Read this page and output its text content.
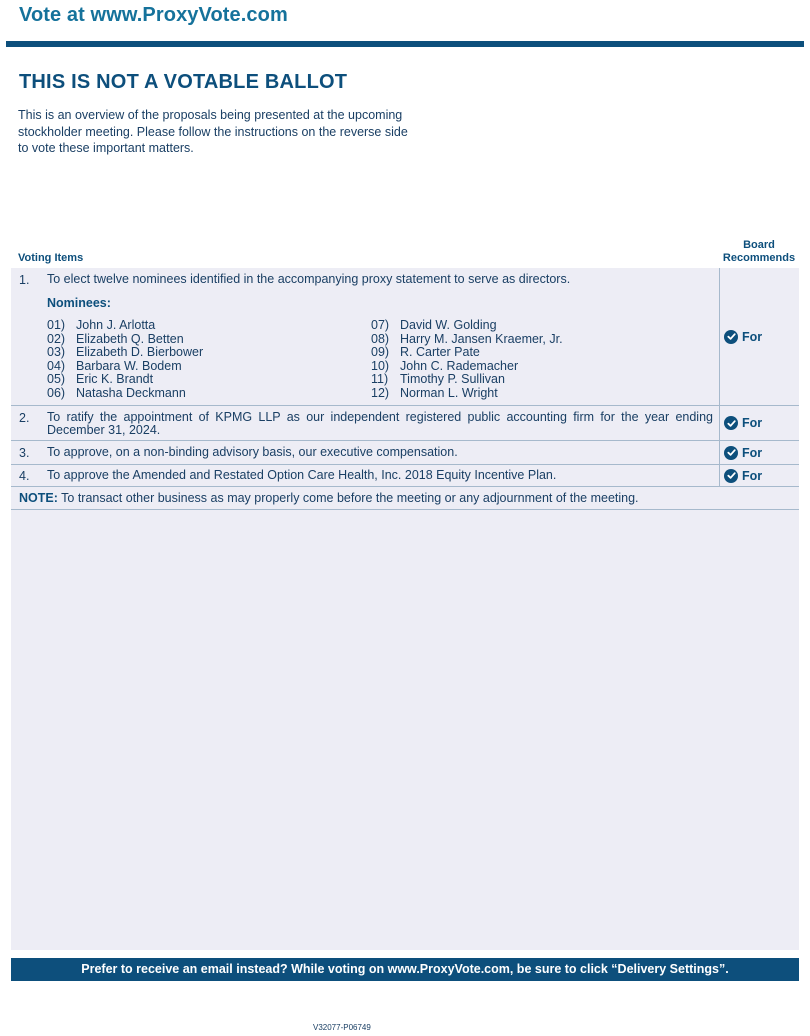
Vote at www.ProxyVote.com
THIS IS NOT A VOTABLE BALLOT
This is an overview of the proposals being presented at the upcoming stockholder meeting. Please follow the instructions on the reverse side to vote these important matters.
Voting Items
Board
Recommends
1. To elect twelve nominees identified in the accompanying proxy statement to serve as directors.
Nominees:
01) John J. Arlotta
02) Elizabeth Q. Betten
03) Elizabeth D. Bierbower
04) Barbara W. Bodem
05) Eric K. Brandt
06) Natasha Deckmann
07) David W. Golding
08) Harry M. Jansen Kraemer, Jr.
09) R. Carter Pate
10) John C. Rademacher
11) Timothy P. Sullivan
12) Norman L. Wright
For
2. To ratify the appointment of KPMG LLP as our independent registered public accounting firm for the year ending December 31, 2024.	For
3. To approve, on a non-binding advisory basis, our executive compensation.	For
4. To approve the Amended and Restated Option Care Health, Inc. 2018 Equity Incentive Plan.	For
NOTE: To transact other business as may properly come before the meeting or any adjournment of the meeting.
Prefer to receive an email instead? While voting on www.ProxyVote.com, be sure to click “Delivery Settings”.
V32077-P06749
